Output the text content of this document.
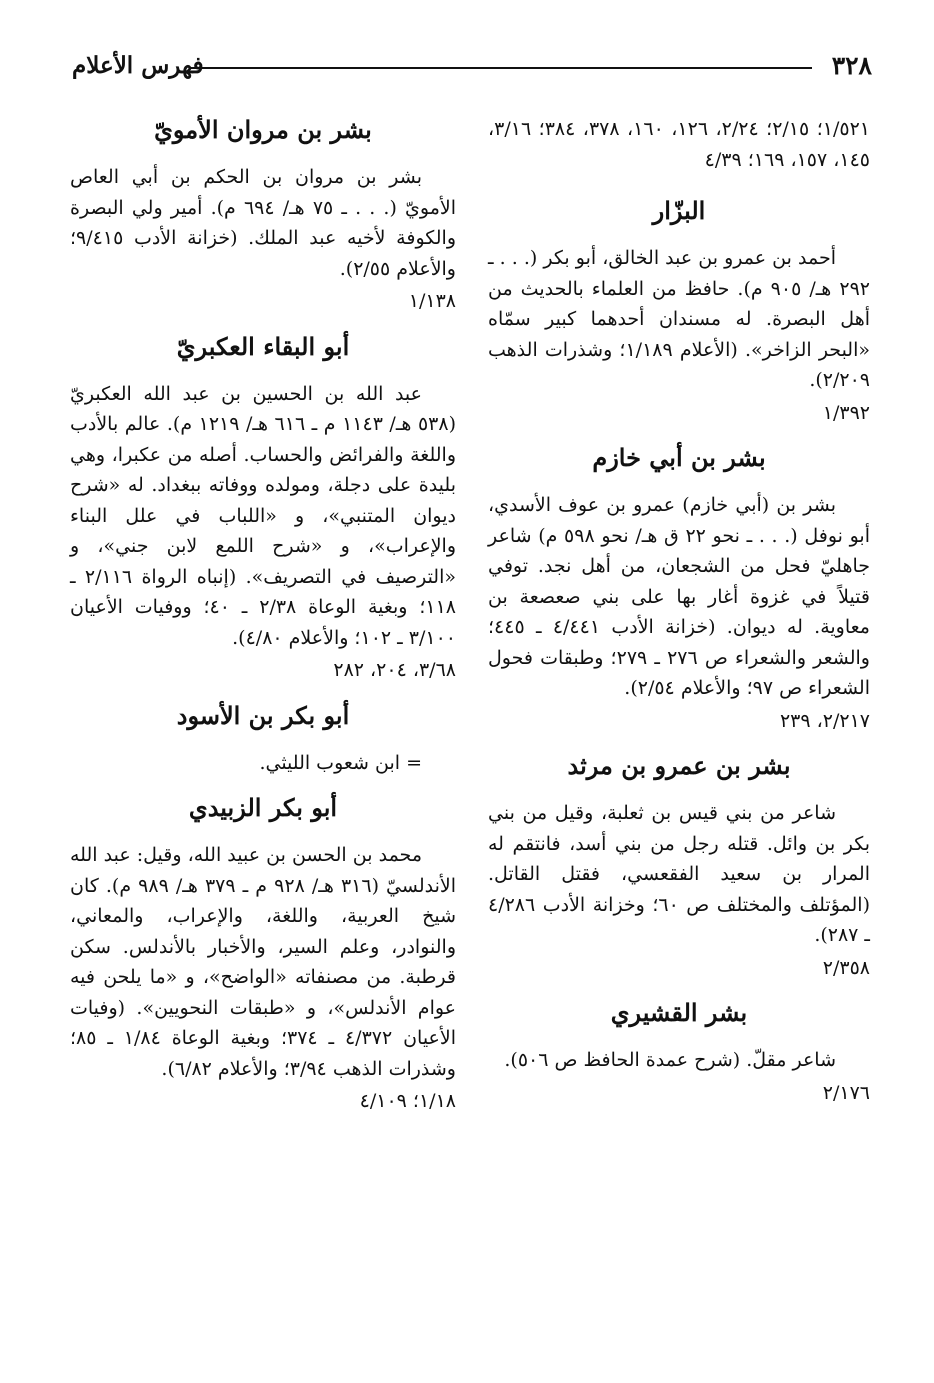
٣٢٨
فهرس الأعلام

١/٥٢١؛ ٢/١٥؛ ٢/٢٤، ١٢٦، ١٦٠، ٣٧٨، ٣٨٤؛ ٣/١٦، ١٤٥، ١٥٧، ١٦٩؛ ٤/٣٩

البزّار

أحمد بن عمرو بن عبد الخالق، أبو بكر (. . . ـ ٢٩٢ هـ/ ٩٠٥ م). حافظ من العلماء بالحديث من أهل البصرة. له مسندان أحدهما كبير سمّاه «البحر الزاخر». (الأعلام ١/١٨٩؛ وشذرات الذهب ٢/٢٠٩).

١/٣٩٢

بشر بن أبي خازم

بشر بن (أبي خازم) عمرو بن عوف الأسدي، أبو نوفل (. . . ـ نحو ٢٢ ق هـ/ نحو ٥٩٨ م) شاعر جاهليّ فحل من الشجعان، من أهل نجد. توفي قتيلاً في غزوة أغار بها على بني صعصعة بن معاوية. له ديوان. (خزانة الأدب ٤/٤٤١ ـ ٤٤٥؛ والشعر والشعراء ص ٢٧٦ ـ ٢٧٩؛ وطبقات فحول الشعراء ص ٩٧؛ والأعلام ٢/٥٤).

٢/٢١٧، ٢٣٩

بشر بن عمرو بن مرثد

شاعر من بني قيس بن ثعلبة، وقيل من بني بكر بن وائل. قتله رجل من بني أسد، فانتقم له المرار بن سعيد الفقعسي، فقتل القاتل. (المؤتلف والمختلف ص ٦٠؛ وخزانة الأدب ٤/٢٨٦ ـ ٢٨٧).

٢/٣٥٨

بشر القشيري

شاعر مقلّ. (شرح عمدة الحافظ ص ٥٠٦).

٢/١٧٦

بشر بن مروان الأمويّ

بشر بن مروان بن الحكم بن أبي العاص الأمويّ (. . . ـ ٧٥ هـ/ ٦٩٤ م). أمير ولي البصرة والكوفة لأخيه عبد الملك. (خزانة الأدب ٩/٤١٥؛ والأعلام ٢/٥٥).

١/١٣٨

أبو البقاء العكبريّ

عبد الله بن الحسين بن عبد الله العكبريّ (٥٣٨ هـ/ ١١٤٣ م ـ ٦١٦ هـ/ ١٢١٩ م). عالم بالأدب واللغة والفرائض والحساب. أصله من عكبرا، وهي بليدة على دجلة، ومولده ووفاته ببغداد. له «شرح ديوان المتنبي»، و «اللباب في علل البناء والإعراب»، و «شرح اللمع لابن جني»، و «الترصيف في التصريف». (إنباه الرواة ٢/١١٦ ـ ١١٨؛ وبغية الوعاة ٢/٣٨ ـ ٤٠؛ ووفيات الأعيان ٣/١٠٠ ـ ١٠٢؛ والأعلام ٤/٨٠).

٣/٦٨، ٢٠٤، ٢٨٢

أبو بكر بن الأسود

= ابن شعوب الليثي.

أبو بكر الزبيدي

محمد بن الحسن بن عبيد الله، وقيل: عبد الله الأندلسيّ (٣١٦ هـ/ ٩٢٨ م ـ ٣٧٩ هـ/ ٩٨٩ م). كان شيخ العربية، واللغة، والإعراب، والمعاني، والنوادر، وعلم السير، والأخبار بالأندلس. سكن قرطبة. من مصنفاته «الواضح»، و «ما يلحن فيه عوام الأندلس»، و «طبقات النحويين». (وفيات الأعيان ٤/٣٧٢ ـ ٣٧٤؛ وبغية الوعاة ١/٨٤ ـ ٨٥؛ وشذرات الذهب ٣/٩٤؛ والأعلام ٦/٨٢).

١/١٨؛ ٤/١٠٩
